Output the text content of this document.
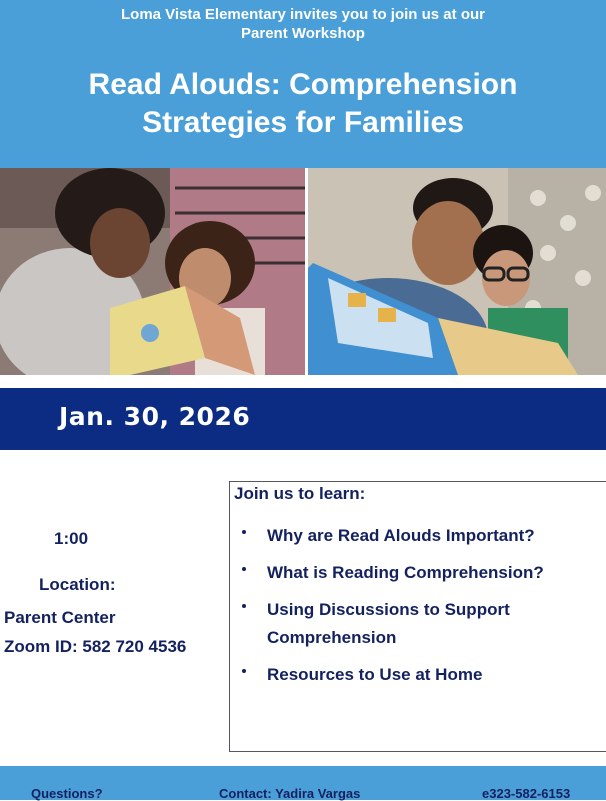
Loma Vista Elementary invites you to join us at our
Parent Workshop
Read Alouds: Comprehension
Strategies for Families
Jan. 30, 2026
1:00
Location:
Parent Center
Zoom ID: 582 720 4536
Join us to learn:
Why are Read Alouds Important?
What is Reading Comprehension?
Using Discussions to Support Comprehension
Resources to Use at Home
Questions?	Contact: Yadira Vargas	e323-582-6153
